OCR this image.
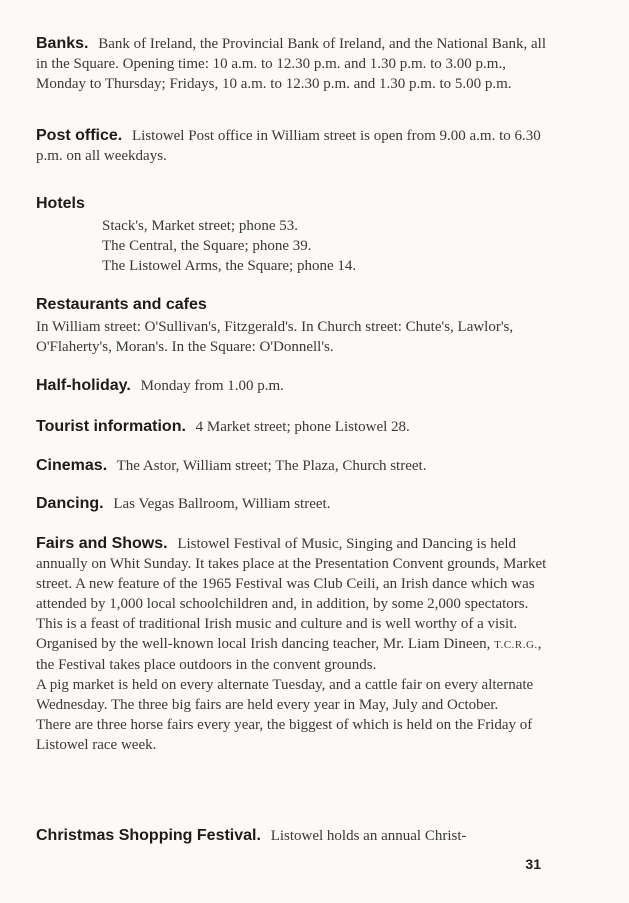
Banks. Bank of Ireland, the Provincial Bank of Ireland, and the National Bank, all in the Square. Opening time: 10 a.m. to 12.30 p.m. and 1.30 p.m. to 3.00 p.m., Monday to Thursday; Fridays, 10 a.m. to 12.30 p.m. and 1.30 p.m. to 5.00 p.m.
Post office. Listowel Post office in William street is open from 9.00 a.m. to 6.30 p.m. on all weekdays.
Hotels
Stack's, Market street; phone 53.
The Central, the Square; phone 39.
The Listowel Arms, the Square; phone 14.
Restaurants and cafes
In William street: O'Sullivan's, Fitzgerald's. In Church street: Chute's, Lawlor's, O'Flaherty's, Moran's. In the Square: O'Donnell's.
Half-holiday. Monday from 1.00 p.m.
Tourist information. 4 Market street; phone Listowel 28.
Cinemas. The Astor, William street; The Plaza, Church street.
Dancing. Las Vegas Ballroom, William street.
Fairs and Shows. Listowel Festival of Music, Singing and Dancing is held annually on Whit Sunday. It takes place at the Presentation Convent grounds, Market street. A new feature of the 1965 Festival was Club Ceili, an Irish dance which was attended by 1,000 local schoolchildren and, in addition, by some 2,000 spectators. This is a feast of traditional Irish music and culture and is well worthy of a visit. Organised by the well-known local Irish dancing teacher, Mr. Liam Dineen, T.C.R.G., the Festival takes place outdoors in the convent grounds.
A pig market is held on every alternate Tuesday, and a cattle fair on every alternate Wednesday. The three big fairs are held every year in May, July and October.
There are three horse fairs every year, the biggest of which is held on the Friday of Listowel race week.
Christmas Shopping Festival. Listowel holds an annual Christ-
31
